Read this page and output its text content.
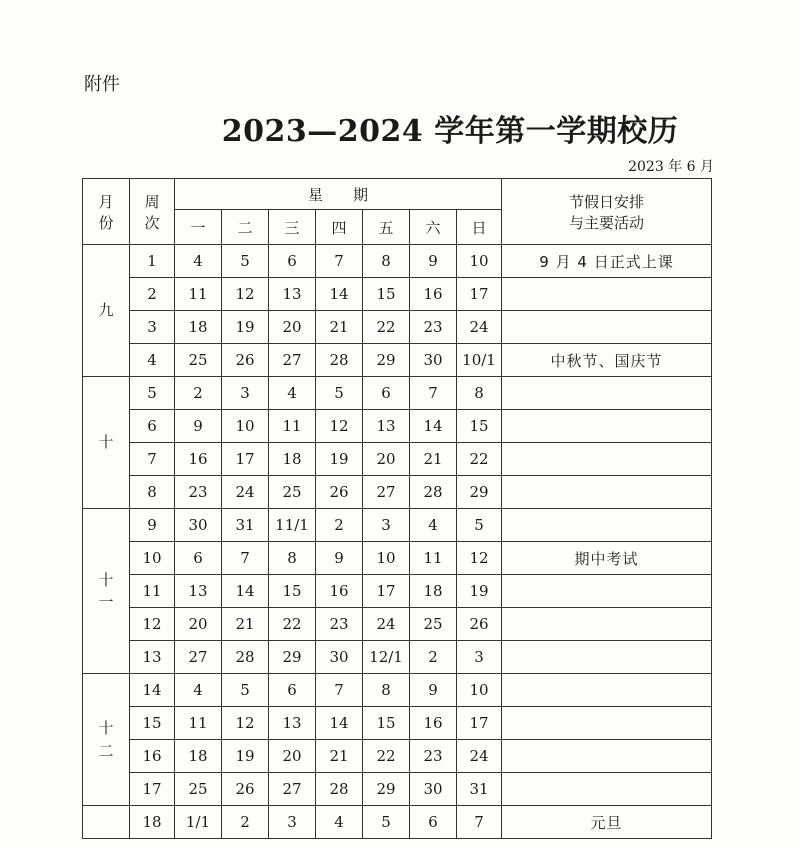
附件
2023—2024 学年第一学期校历
2023 年 6 月
月
份	周
次	星　　期							节假日安排
与主要活动

		一	二	三	四	五	六	日	
九	1	4	5	6	7	8	9	10	9 月 4 日正式上课
	2	11	12	13	14	15	16	17	
	3	18	19	20	21	22	23	24	
	4	25	26	27	28	29	30	10/1	中秋节、国庆节
十	5	2	3	4	5	6	7	8	
	6	9	10	11	12	13	14	15	
	7	16	17	18	19	20	21	22	
	8	23	24	25	26	27	28	29	

十
一	9	30	31	11/1	2	3	4	5	
	10	6	7	8	9	10	11	12	期中考试
	11	13	14	15	16	17	18	19	
	12	20	21	22	23	24	25	26	
	13	27	28	29	30	12/1	2	3	

十
二	14	4	5	6	7	8	9	10	
	15	11	12	13	14	15	16	17	
	16	18	19	20	21	22	23	24	
	17	25	26	27	28	29	30	31	
	18	1/1	2	3	4	5	6	7	元旦
